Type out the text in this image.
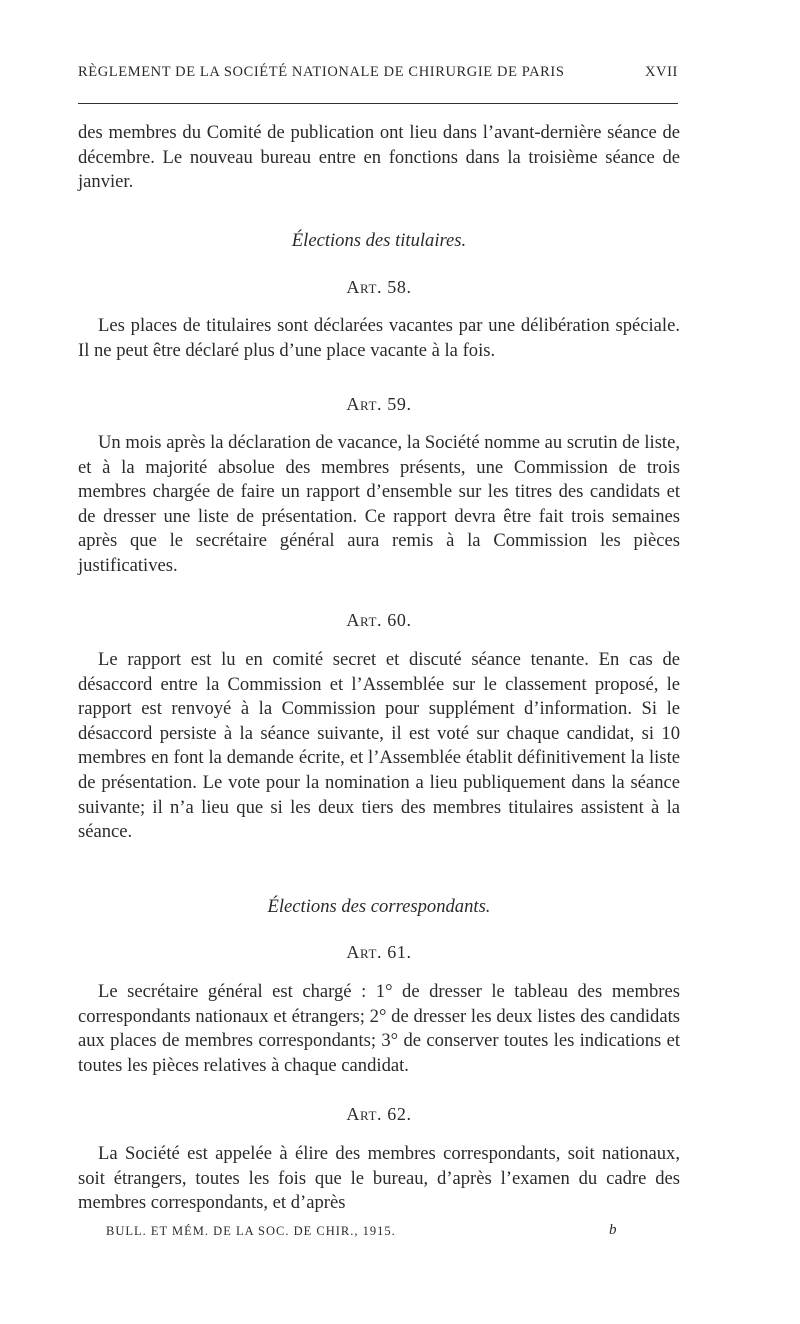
RÈGLEMENT DE LA SOCIÉTÉ NATIONALE DE CHIRURGIE DE PARIS	XVII
des membres du Comité de publication ont lieu dans l’avant-dernière séance de décembre. Le nouveau bureau entre en fonctions dans la troisième séance de janvier.
Élections des titulaires.
Art. 58.
Les places de titulaires sont déclarées vacantes par une délibération spéciale. Il ne peut être déclaré plus d’une place vacante à la fois.
Art. 59.
Un mois après la déclaration de vacance, la Société nomme au scrutin de liste, et à la majorité absolue des membres présents, une Commission de trois membres chargée de faire un rapport d’ensemble sur les titres des candidats et de dresser une liste de présentation. Ce rapport devra être fait trois semaines après que le secrétaire général aura remis à la Commission les pièces justificatives.
Art. 60.
Le rapport est lu en comité secret et discuté séance tenante. En cas de désaccord entre la Commission et l’Assemblée sur le classement proposé, le rapport est renvoyé à la Commission pour supplément d’information. Si le désaccord persiste à la séance suivante, il est voté sur chaque candidat, si 10 membres en font la demande écrite, et l’Assemblée établit définitivement la liste de présentation. Le vote pour la nomination a lieu publiquement dans la séance suivante; il n’a lieu que si les deux tiers des membres titulaires assistent à la séance.
Élections des correspondants.
Art. 61.
Le secrétaire général est chargé : 1° de dresser le tableau des membres correspondants nationaux et étrangers; 2° de dresser les deux listes des candidats aux places de membres correspondants; 3° de conserver toutes les indications et toutes les pièces relatives à chaque candidat.
Art. 62.
La Société est appelée à élire des membres correspondants, soit nationaux, soit étrangers, toutes les fois que le bureau, d’après l’examen du cadre des membres correspondants, et d’après
BULL. ET MÉM. DE LA SOC. DE CHIR., 1915.	b
